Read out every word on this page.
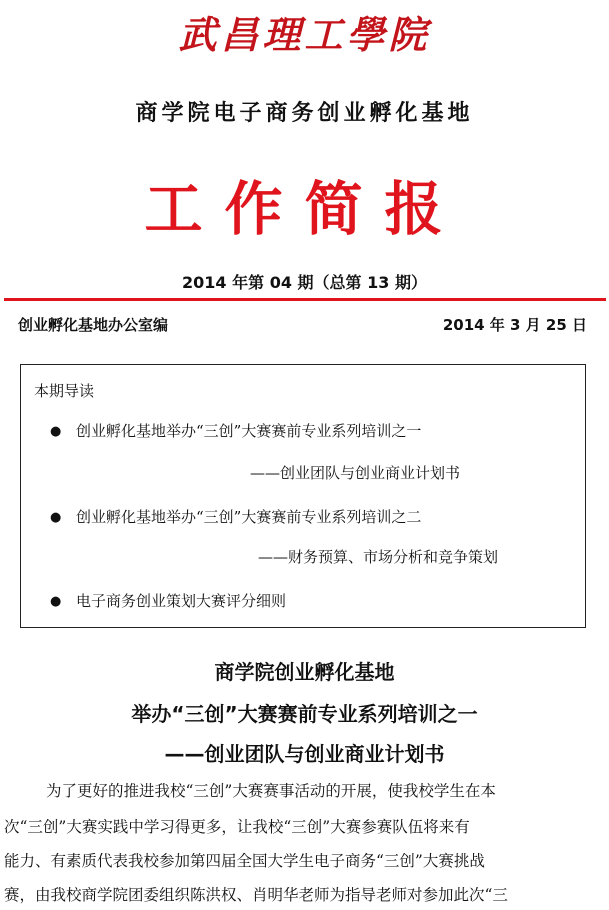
武昌理工學院
商学院电子商务创业孵化基地
工作简报
2014 年第 04 期（总第 13 期）
创业孵化基地办公室编	2014 年 3 月 25 日
本期导读
● 创业孵化基地举办“三创”大赛赛前专业系列培训之一
——创业团队与创业商业计划书
● 创业孵化基地举办“三创”大赛赛前专业系列培训之二
——财务预算、市场分析和竞争策划
● 电子商务创业策划大赛评分细则
商学院创业孵化基地
举办“三创”大赛赛前专业系列培训之一
——创业团队与创业商业计划书
为了更好的推进我校“三创”大赛赛事活动的开展，使我校学生在本
次“三创”大赛实践中学习得更多，让我校“三创”大赛参赛队伍将来有
能力、有素质代表我校参加第四届全国大学生电子商务“三创”大赛挑战
赛，由我校商学院团委组织陈洪权、肖明华老师为指导老师对参加此次“三
